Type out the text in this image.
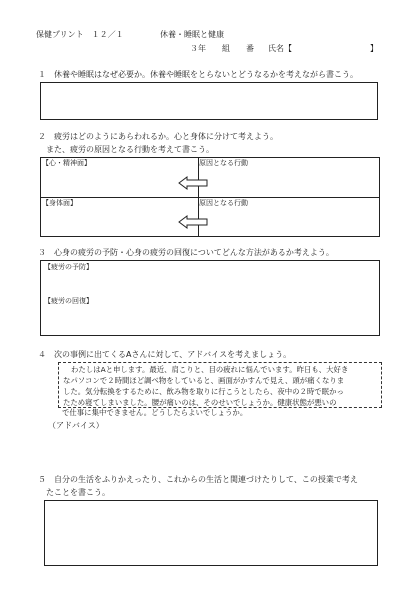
保健プリント　１２／１	休養・睡眠と健康
３年　　組　　番 氏名【	】
１　休養や睡眠はなぜ必要か。休養や睡眠をとらないとどうなるかを考えながら書こう。
２　疲労はどのようにあらわれるか。心と身体に分けて考えよう。
また、疲労の原因となる行動を考えて書こう。
【心・精神面】	原因となる行動
【身体面】	原因となる行動
３　心身の疲労の予防・心身の疲労の回復についてどんな方法があるか考えよう。
【疲労の予防】
【疲労の回復】
４　次の事例に出てくるAさんに対して、アドバイスを考えましょう。
わたしはAと申します。最近、肩こりと、目の疲れに悩んでいます。昨日も、大好き
なパソコンで２時間ほど調べ物をしていると、画面がかすんで見え、頭が痛くなりま
した。気分転換をするために、飲み物を取りに行こうとしたら、夜中の２時で眠かっ
たため寝てしまいました。腰が痛いのは、そのせいでしょうか。健康状態が悪いの
で仕事に集中できません。どうしたらよいでしょうか。
（アドバイス）
５　自分の生活をふりかえったり、これからの生活と関連づけたりして、この授業で考え
たことを書こう。
